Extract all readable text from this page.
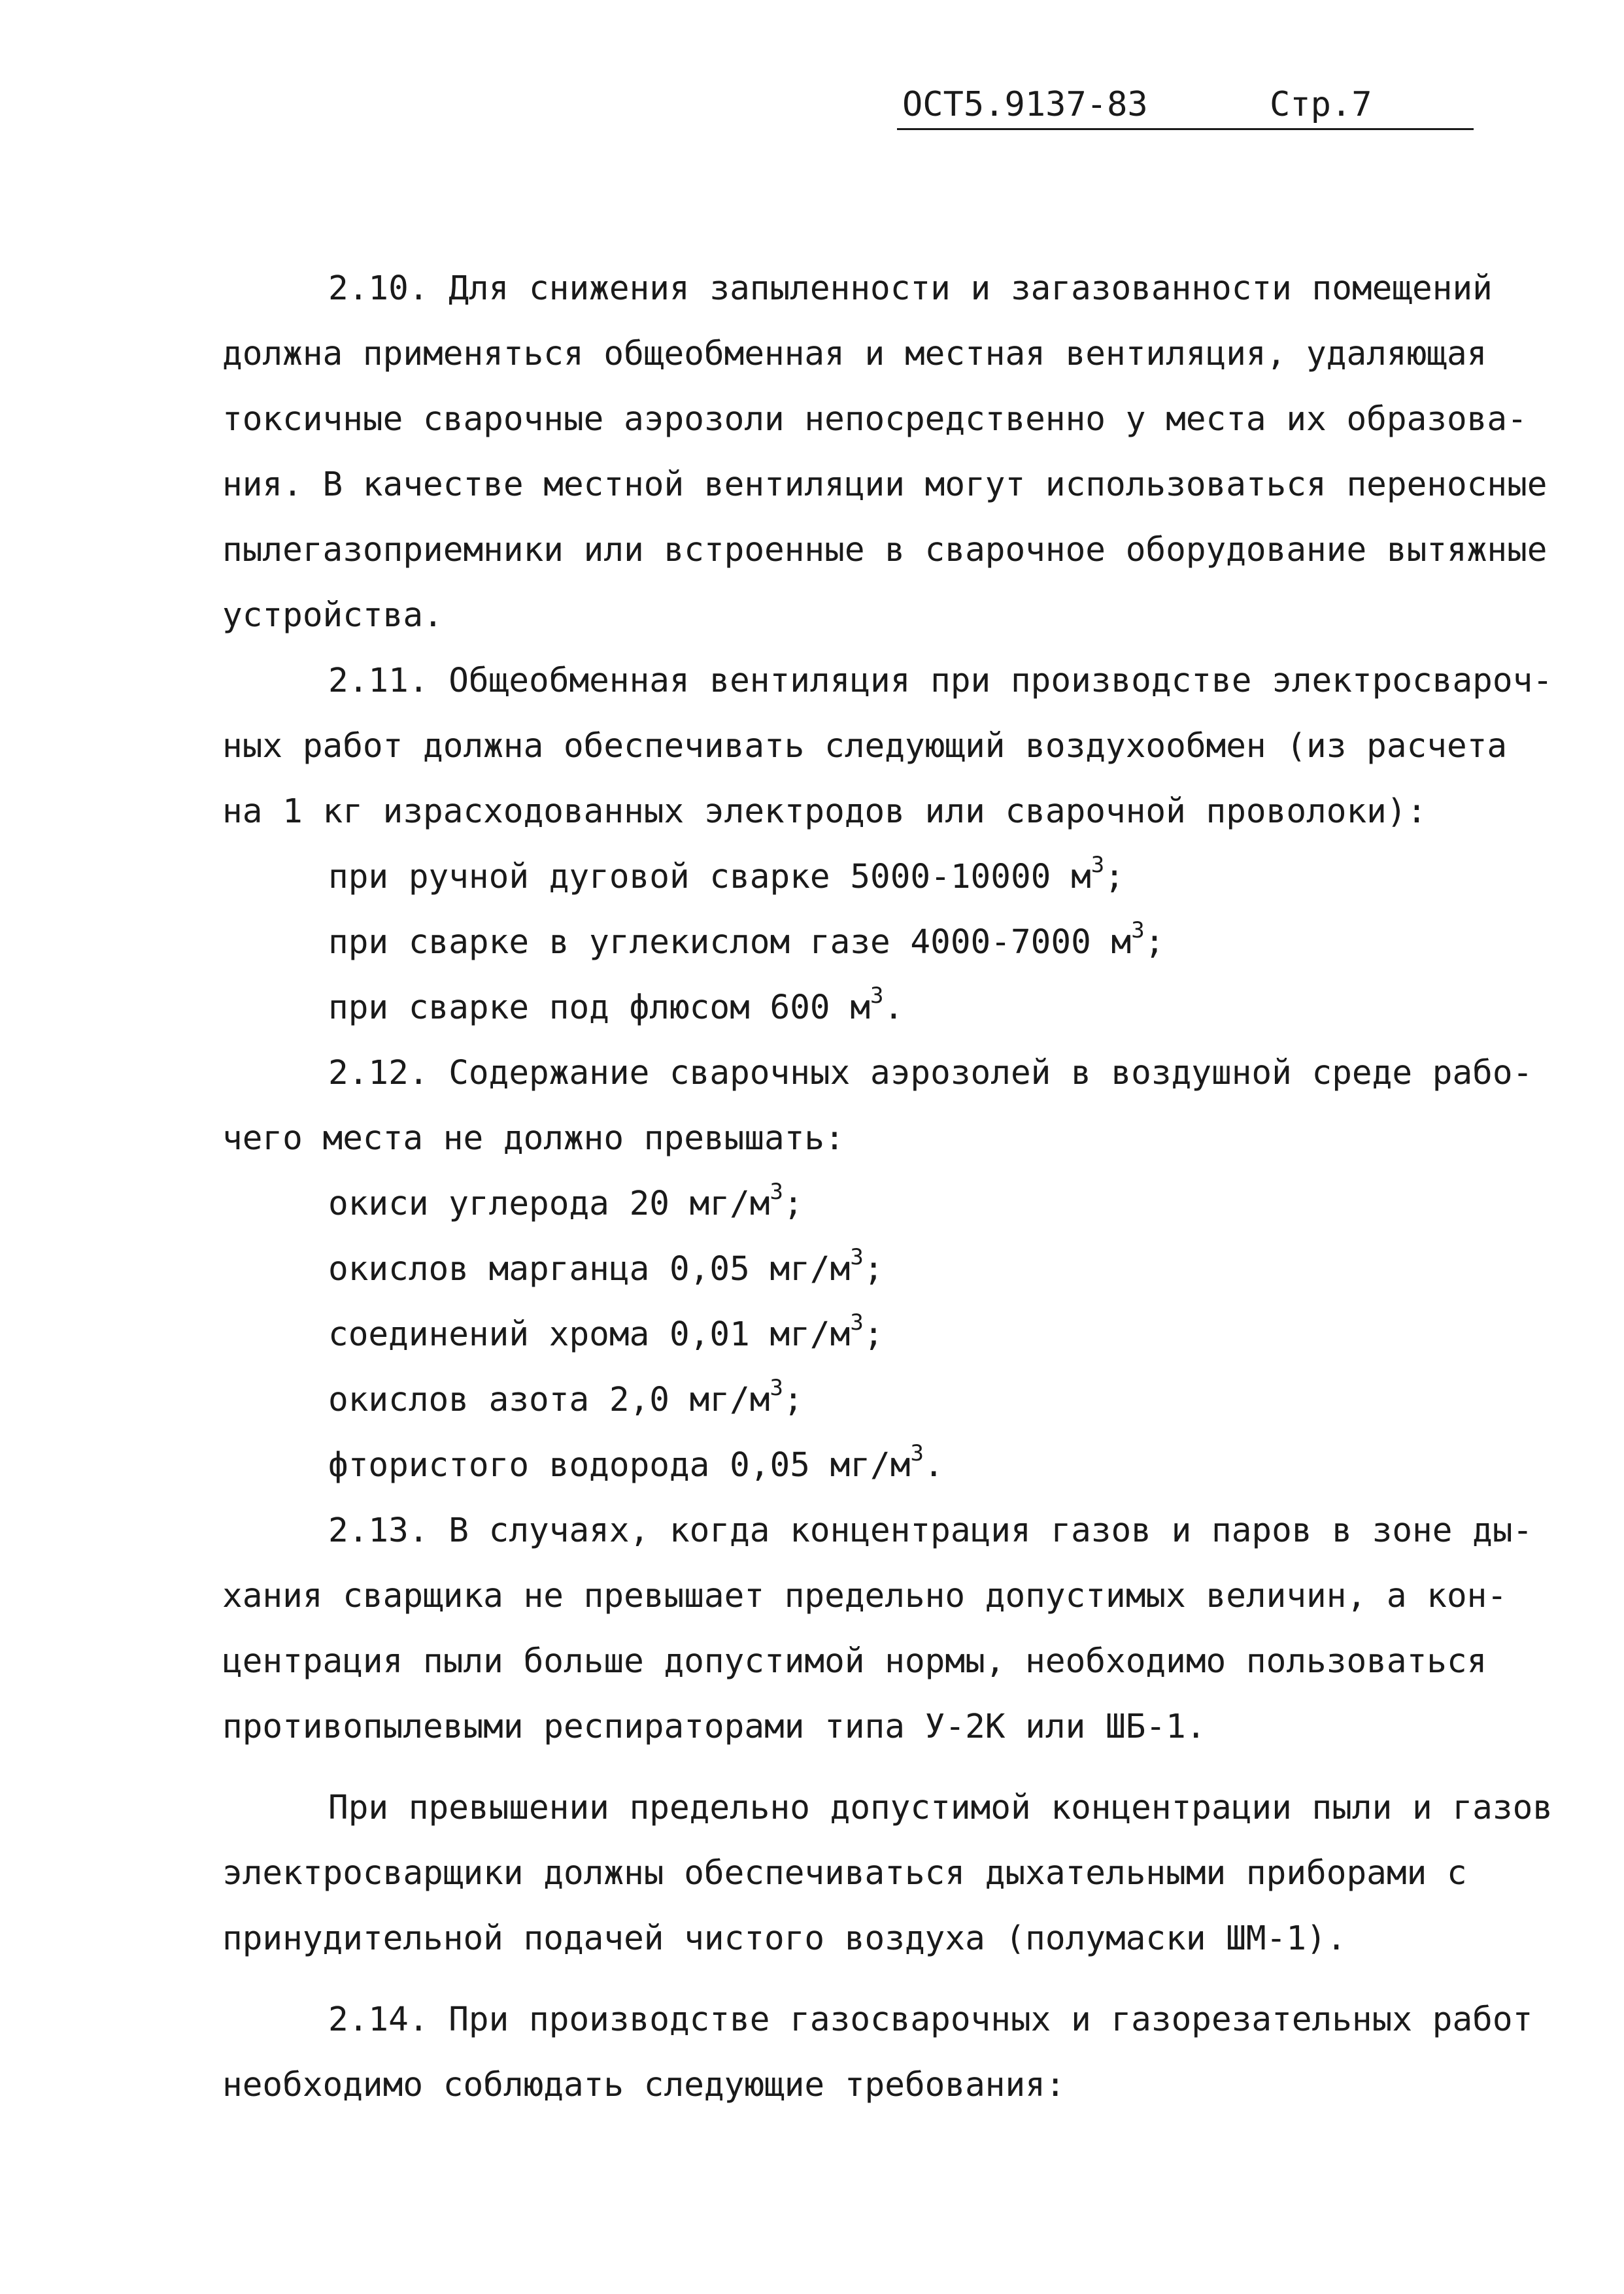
ОСТ5.9137-83	Стр.7
2.10. Для снижения запыленности и загазованности помещений
должна применяться общеобменная и местная вентиляция, удаляющая
токсичные сварочные аэрозоли непосредственно у места их образова-
ния. В качестве местной вентиляции могут использоваться переносные
пылегазоприемники или встроенные в сварочное оборудование вытяжные
устройства.
2.11. Общеобменная вентиляция при производстве электросвароч-
ных работ должна обеспечивать следующий воздухообмен (из расчета
на 1 кг израсходованных электродов или сварочной проволоки):
при ручной дуговой сварке 5000-10000 $м^3$;
при сварке в углекислом газе 4000-7000 $м^3$;
при сварке под флюсом 600 $м^3$.
2.12. Содержание сварочных аэрозолей в воздушной среде рабо-
чего места не должно превышать:
окиси углерода 20 $мг/м^3$;
окислов марганца 0,05 $мг/м^3$;
соединений хрома 0,01 $мг/м^3$;
окислов азота 2,0 $мг/м^3$;
фтористого водорода 0,05 $мг/м^3$.
2.13. В случаях, когда концентрация газов и паров в зоне ды-
хания сварщика не превышает предельно допустимых величин, а кон-
центрация пыли больше допустимой нормы, необходимо пользоваться
противопылевыми респираторами типа У-2К или ШБ-1.
При превышении предельно допустимой концентрации пыли и газов
электросварщики должны обеспечиваться дыхательными приборами с
принудительной подачей чистого воздуха (полумаски ШМ-1).
2.14. При производстве газосварочных и газорезательных работ
необходимо соблюдать следующие требования:
